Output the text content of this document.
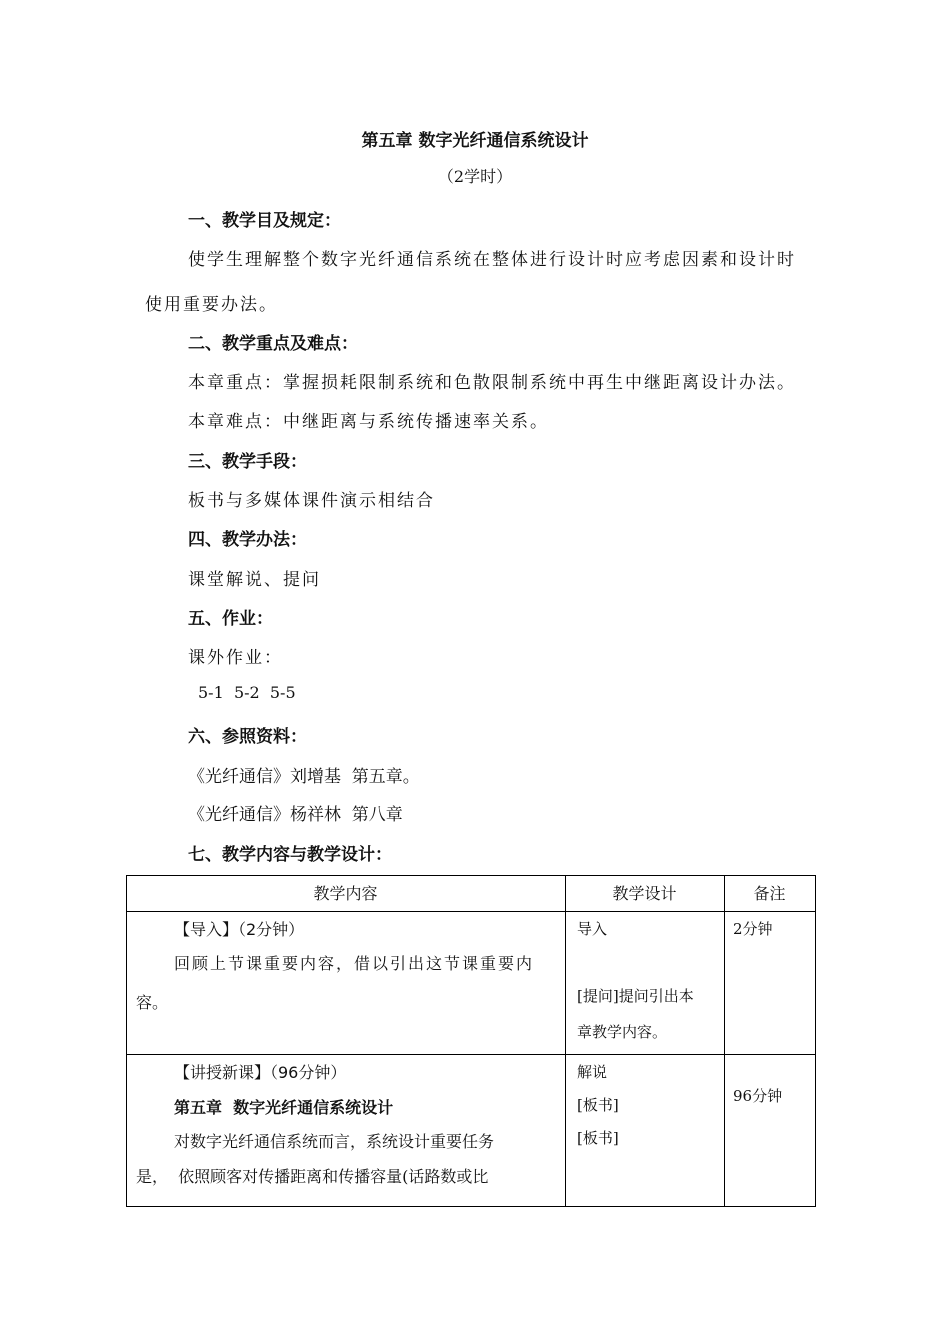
第五章 数字光纤通信系统设计
（2学时）
一、教学目及规定：
使学生理解整个数字光纤通信系统在整体进行设计时应考虑因素和设计时
使用重要办法。
二、教学重点及难点：
本章重点：掌握损耗限制系统和色散限制系统中再生中继距离设计办法。
本章难点：中继距离与系统传播速率关系。
三、教学手段：
板书与多媒体课件演示相结合
四、教学办法：
课堂解说、提问
五、作业：
课外作业：
5-1  5-2  5-5
六、参照资料：
《光纤通信》刘增基  第五章。
《光纤通信》杨祥林  第八章
七、教学内容与教学设计：
教学内容	教学设计	备注
【导入】（2分钟）
回顾上节课重要内容，借以引出这节课重要内
容。
导入
[提问]提问引出本
章教学内容。
2分钟
【讲授新课】（96分钟）
第五章  数字光纤通信系统设计
对数字光纤通信系统而言，系统设计重要任务
是，  依照顾客对传播距离和传播容量(话路数或比
解说
[板书]
[板书]
96分钟
